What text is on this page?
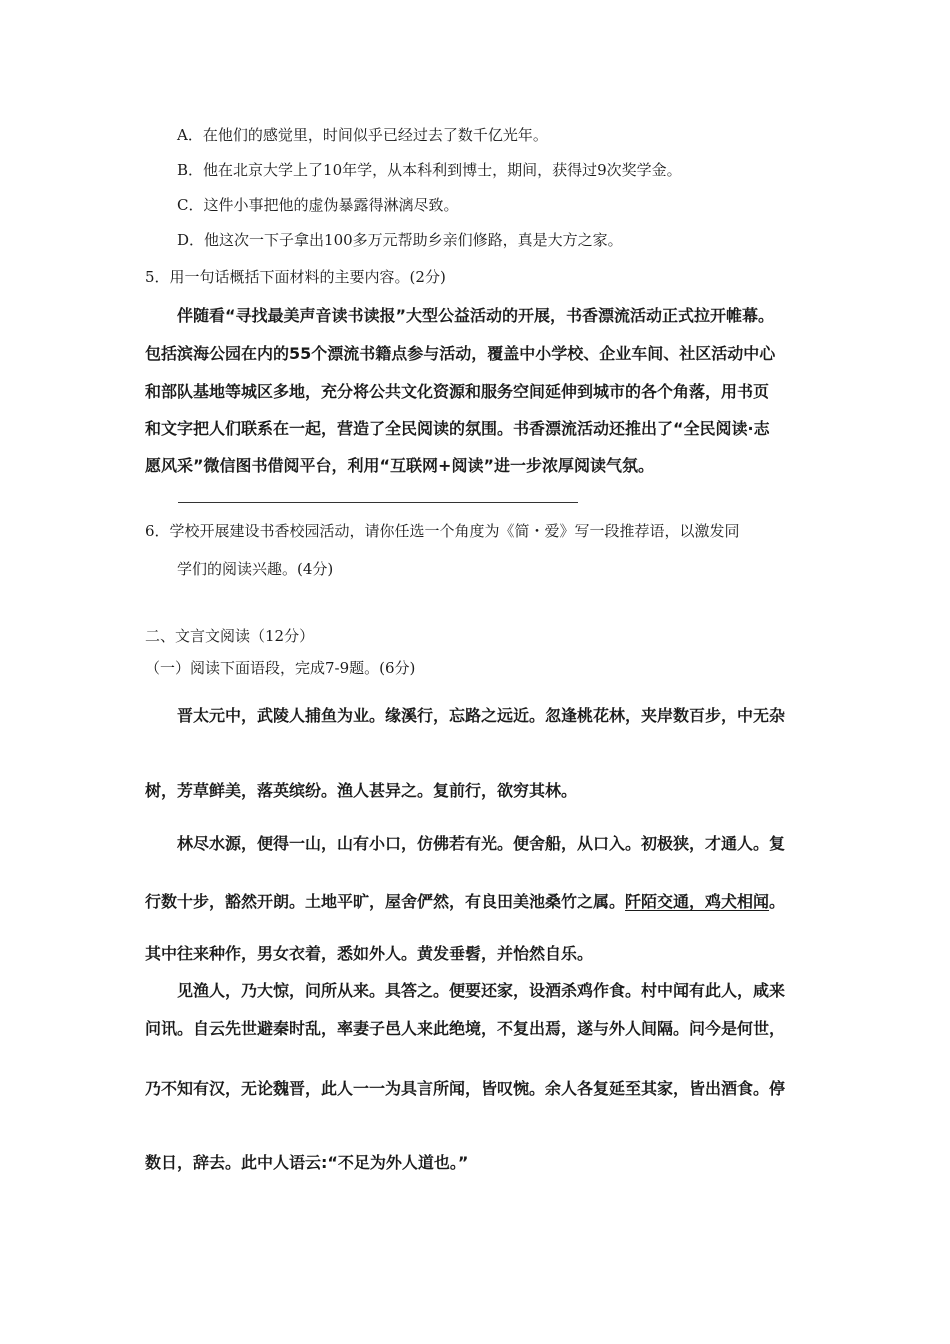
A．在他们的感觉里，时间似乎已经过去了数千亿光年。
B．他在北京大学上了10年学，从本科利到博士，期间，获得过9次奖学金。
C．这件小事把他的虚伪暴露得淋漓尽致。
D．他这次一下子拿出100多万元帮助乡亲们修路，真是大方之家。
5．用一句话概括下面材料的主要内容。(2分)
伴随看“寻找最美声音读书读报”大型公益活动的开展，书香漂流活动正式拉开帷幕。
包括滨海公园在内的55个漂流书籍点参与活动，覆盖中小学校、企业车间、社区活动中心
和部队基地等城区多地，充分将公共文化资源和服务空间延伸到城市的各个角落，用书页
和文字把人们联系在一起，营造了全民阅读的氛围。书香漂流活动还推出了“全民阅读·志
愿风采”微信图书借阅平台，利用“互联网+阅读”进一步浓厚阅读气氛。
6．学校开展建设书香校园活动，请你任选一个角度为《简・爱》写一段推荐语，以激发同
学们的阅读兴趣。(4分)
二、文言文阅读（12分）
（一）阅读下面语段，完成7-9题。(6分)
晋太元中，武陵人捕鱼为业。缘溪行，忘路之远近。忽逢桃花林，夹岸数百步，中无杂
树，芳草鲜美，落英缤纷。渔人甚异之。复前行，欲穷其林。
林尽水源，便得一山，山有小口，仿佛若有光。便舍船，从口入。初极狭，才通人。复
行数十步，豁然开朗。土地平旷，屋舍俨然，有良田美池桑竹之属。阡陌交通，鸡犬相闻。
其中往来种作，男女衣着，悉如外人。黄发垂髫，并怡然自乐。
见渔人，乃大惊，问所从来。具答之。便要还家，设酒杀鸡作食。村中闻有此人，咸来
问讯。自云先世避秦时乱，率妻子邑人来此绝境，不复出焉，遂与外人间隔。问今是何世，
乃不知有汉，无论魏晋，此人一一为具言所闻，皆叹惋。余人各复延至其家，皆出酒食。停
数日，辞去。此中人语云:“不足为外人道也。”
